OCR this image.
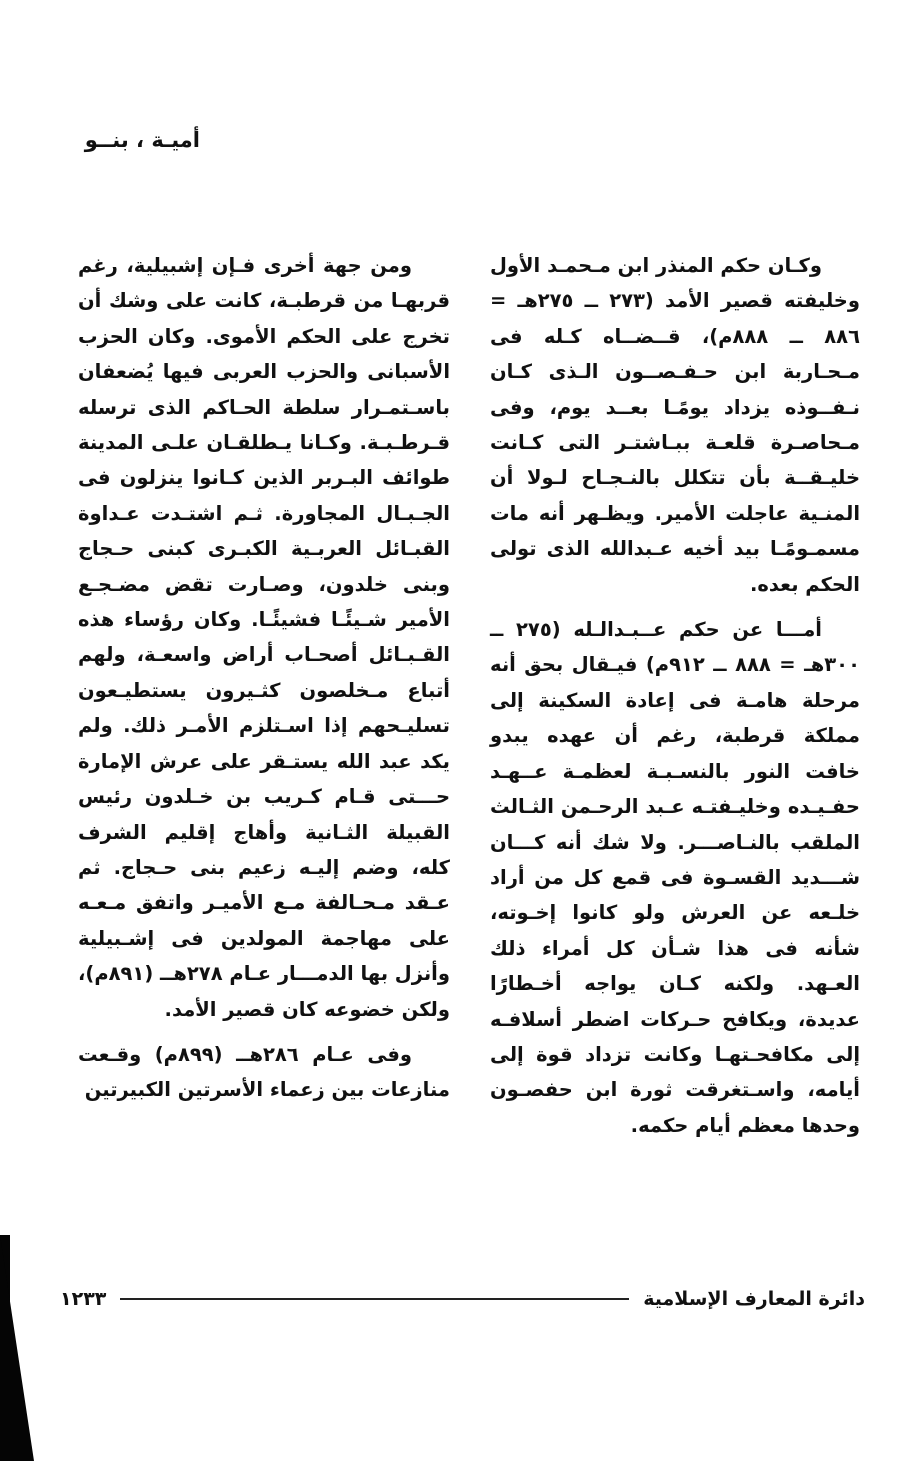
أميـة ، بنــو

وكـان حكم المنذر ابن مـحمـد الأول وخليفته قصير الأمد (٢٧٣ ــ ٢٧٥هـ = ٨٨٦ ــ ٨٨٨م)، قــضــاه كـله فى مـحـاربة ابن حـفـصــون الـذى كـان نـفــوذه يزداد يومًـا بعــد يوم، وفى مـحاصـرة قلعـة ببـاشتـر التى كـانت خليـقــة بأن تتكلل بالنـجـاح لـولا أن المنـية عاجلت الأمير. ويظـهر أنه مات مسمـومًـا بيد أخيه عـبدالله الذى تولى الحكم بعده.

أمـــا عن حكم عــبـدالـله (٢٧٥ ــ ٣٠٠هـ = ٨٨٨ ــ ٩١٢م) فيـقال بحق أنه مرحلة هامـة فى إعادة السكينة إلى مملكة قرطبة، رغم أن عهده يبدو خافت النور بالنسـبـة لعظمـة عــهـد حفـيـده وخليـفتـه عـبد الرحـمن الثـالث الملقب بالنـاصـــر. ولا شك أنه كـــان شـــديد القسـوة فى قمع كل من أراد خلـعه عن العرش ولو كانوا إخـوته، شأنه فى هذا شـأن كل أمراء ذلك العـهد. ولكنه كـان يواجه أخـطارًا عديدة، ويكافح حـركات اضطر أسلافـه إلى مكافحـتهـا وكانت تزداد قوة إلى أيامه، واسـتغرقت ثورة ابن حفصـون وحدها معظم أيام حكمه.

ومن جهة أخرى فـإن إشبيلية، رغم قربهـا من قرطبـة، كانت على وشك أن تخرج على الحكم الأموى. وكان الحزب الأسبانى والحزب العربى فيها يُضعفان باسـتمـرار سلطة الحـاكم الذى ترسله قـرطـبـة. وكـانا يـطلقـان علـى المدينة طوائف البـربر الذين كـانوا ينزلون فى الجـبـال المجاورة. ثـم اشتـدت عـداوة القبـائل العربـية الكبـرى كبنى حـجاج وبنى خلدون، وصـارت تقض مضـجـع الأمير شـيئًـا فشيئًـا. وكان رؤساء هذه القـبـائل أصحـاب أراض واسعـة، ولهم أتباع مـخلصون كثـيرون يستطيـعون تسليـحهم إذا اسـتلزم الأمـر ذلك. ولم يكد عبد الله يستـقر على عرش الإمارة حـــتى قـام كـريب بن خـلدون رئيس القبيلة الثـانية وأهاج إقليم الشرف كله، وضم إليـه زعيم بنى حـجاج. ثم عـقد مـحـالفة مـع الأميـر واتفق مـعـه على مهاجمة المولدين فى إشـبيلية وأنزل بها الدمـــار عـام ٢٧٨هــ (٨٩١م)، ولكن خضوعه كان قصير الأمد.

وفى عـام ٢٨٦هــ (٨٩٩م) وقـعت منازعات بين زعماء الأسرتين الكبيرتين

دائرة المعارف الإسلامية
١٢٣٣
